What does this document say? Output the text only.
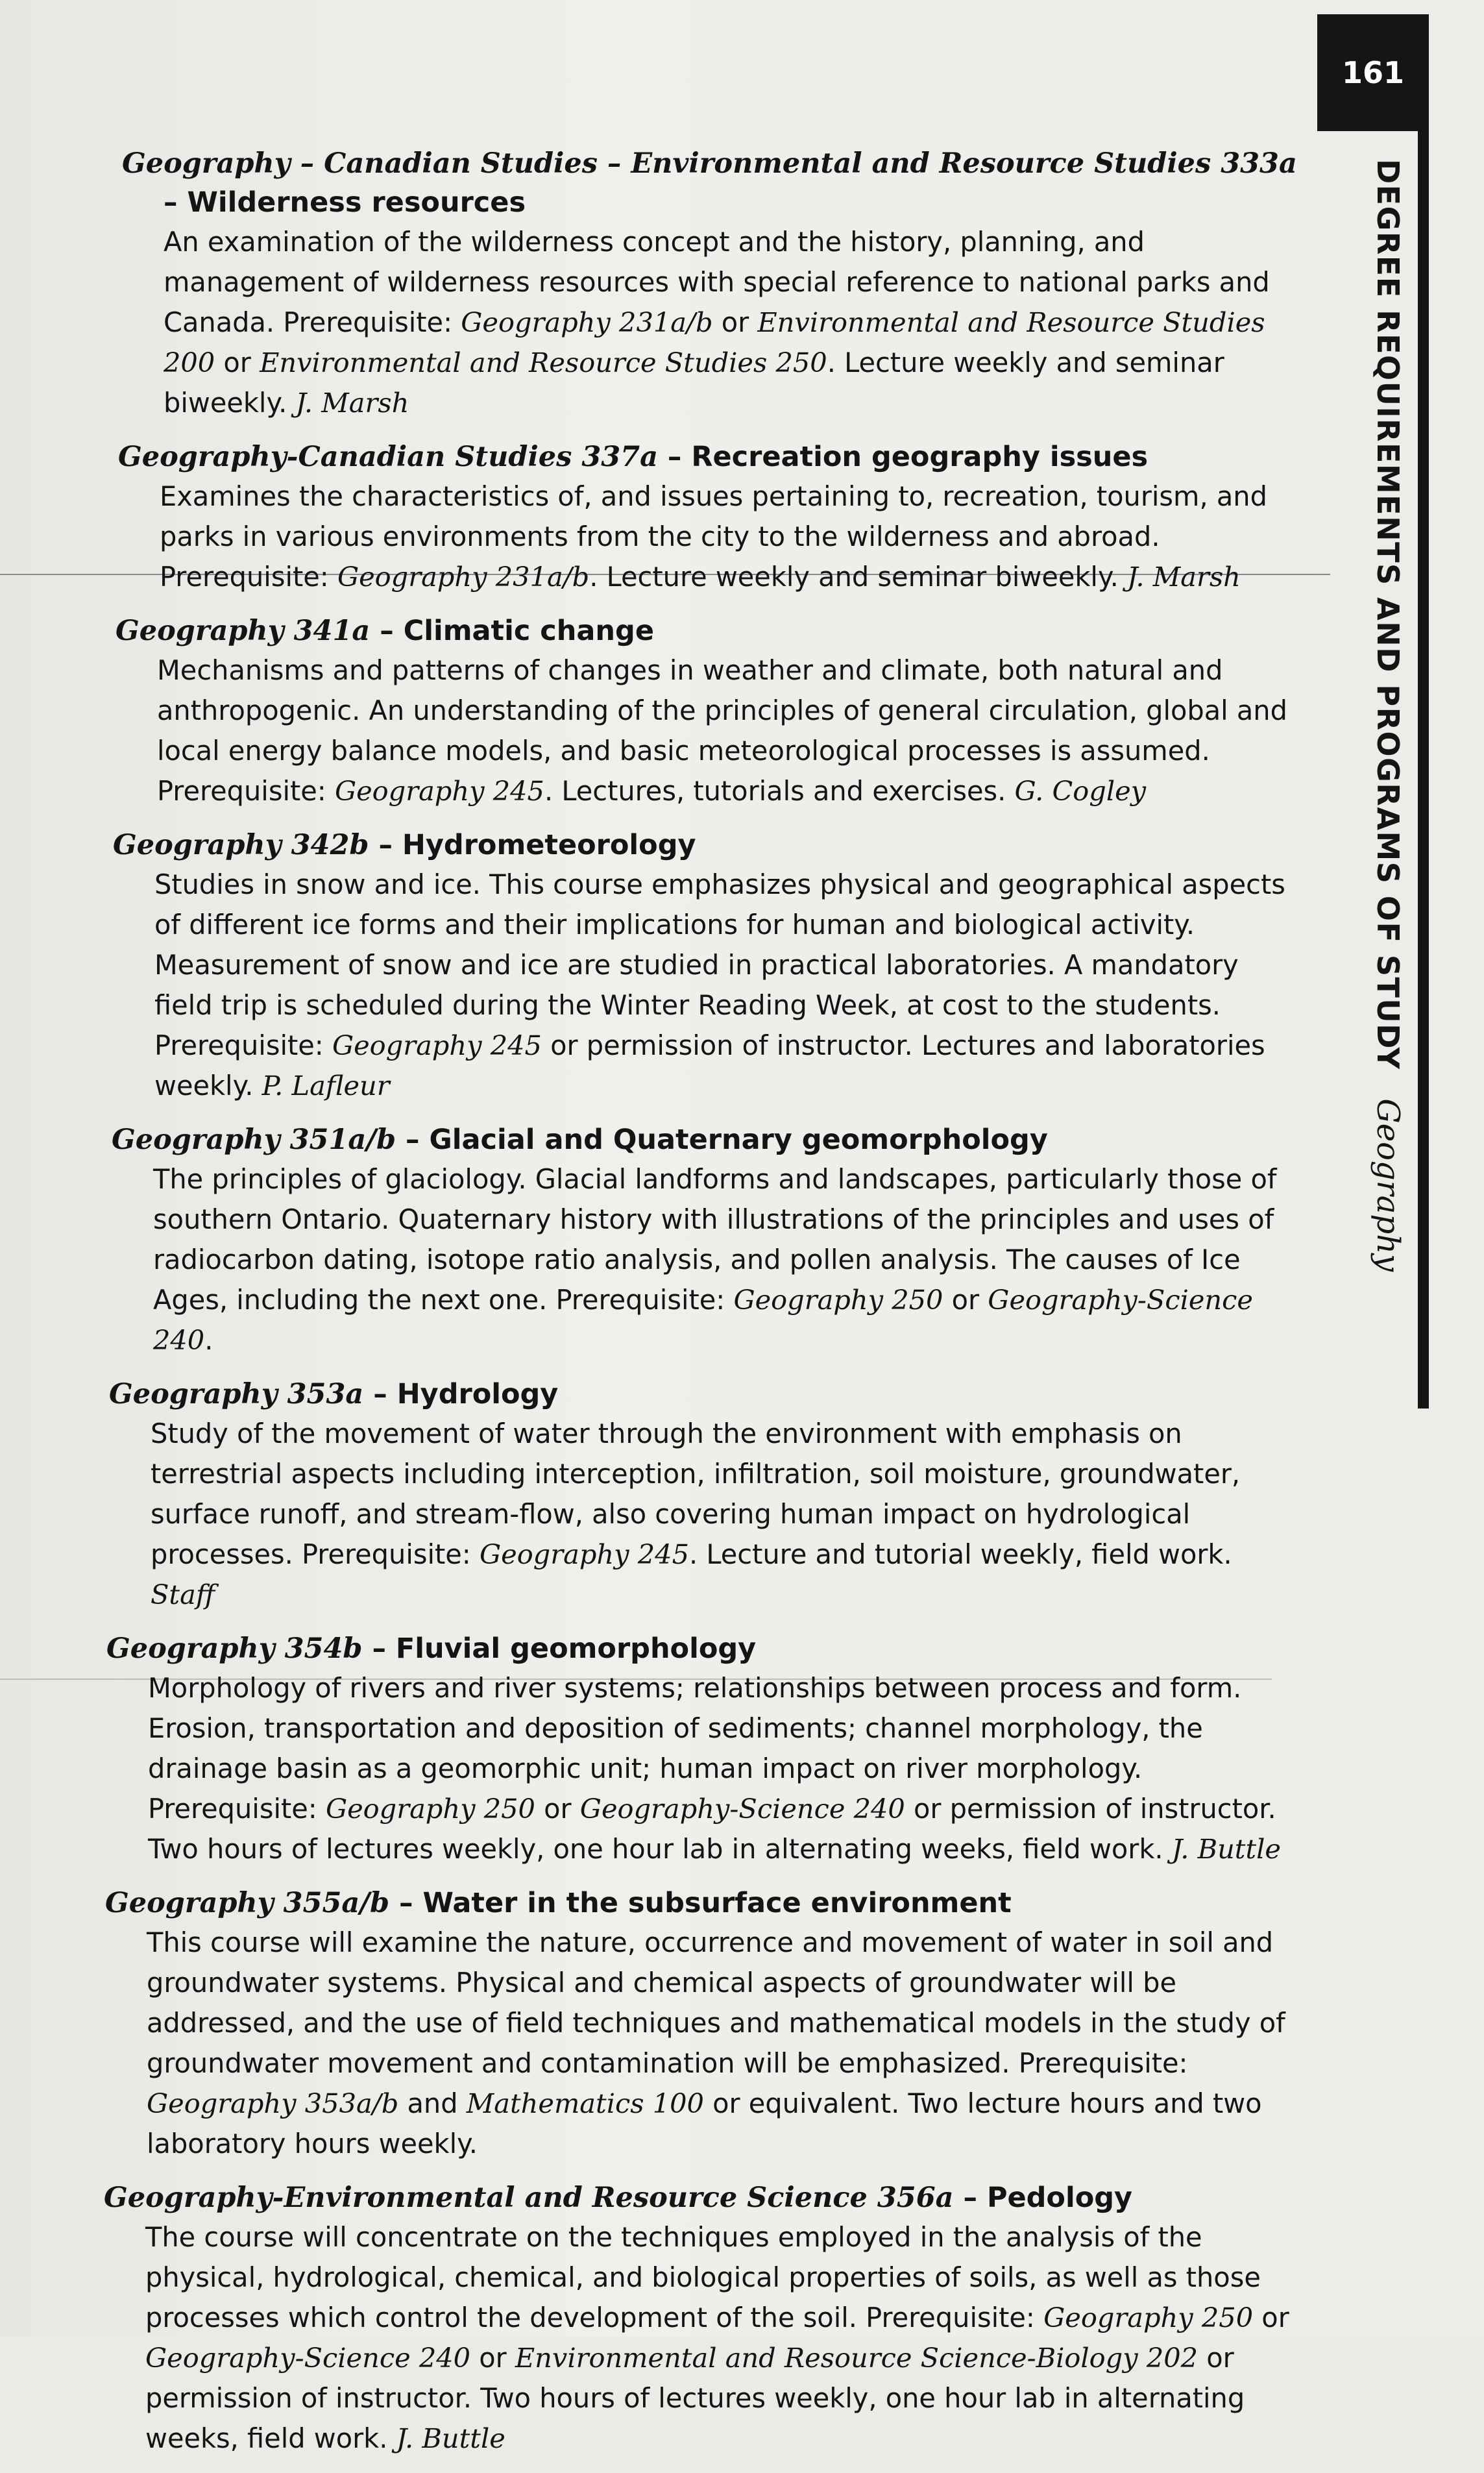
161
DEGREE REQUIREMENTS AND PROGRAMS OF STUDYGeography
Geography – Canadian Studies – Environmental and Resource Studies 333a
– Wilderness resources
An examination of the wilderness concept and the history, planning, and management of wilderness resources with special reference to national parks and Canada. Prerequisite: Geography 231a/b or Environmental and Resource Studies 200 or Environmental and Resource Studies 250. Lecture weekly and seminar biweekly. J. Marsh
Geography-Canadian Studies 337a – Recreation geography issues
Examines the characteristics of, and issues pertaining to, recreation, tourism, and parks in various environments from the city to the wilderness and abroad. Prerequisite: Geography 231a/b. Lecture weekly and seminar biweekly. J. Marsh
Geography 341a – Climatic change
Mechanisms and patterns of changes in weather and climate, both natural and anthropogenic. An understanding of the principles of general circulation, global and local energy balance models, and basic meteorological processes is assumed. Prerequisite: Geography 245. Lectures, tutorials and exercises. G. Cogley
Geography 342b – Hydrometeorology
Studies in snow and ice. This course emphasizes physical and geographical aspects of different ice forms and their implications for human and biological activity. Measurement of snow and ice are studied in practical laboratories. A mandatory field trip is scheduled during the Winter Reading Week, at cost to the students. Prerequisite: Geography 245 or permission of instructor. Lectures and laboratories weekly. P. Lafleur
Geography 351a/b – Glacial and Quaternary geomorphology
The principles of glaciology. Glacial landforms and landscapes, particularly those of southern Ontario. Quaternary history with illustrations of the principles and uses of radiocarbon dating, isotope ratio analysis, and pollen analysis. The causes of Ice Ages, including the next one. Prerequisite: Geography 250 or Geography-Science 240.
Geography 353a – Hydrology
Study of the movement of water through the environment with emphasis on terrestrial aspects including interception, infiltration, soil moisture, groundwater, surface runoff, and stream-flow, also covering human impact on hydrological processes. Prerequisite: Geography 245. Lecture and tutorial weekly, field work. Staff
Geography 354b – Fluvial geomorphology
Morphology of rivers and river systems; relationships between process and form. Erosion, transportation and deposition of sediments; channel morphology, the drainage basin as a geomorphic unit; human impact on river morphology. Prerequisite: Geography 250 or Geography-Science 240 or permission of instructor. Two hours of lectures weekly, one hour lab in alternating weeks, field work. J. Buttle
Geography 355a/b – Water in the subsurface environment
This course will examine the nature, occurrence and movement of water in soil and groundwater systems. Physical and chemical aspects of groundwater will be addressed, and the use of field techniques and mathematical models in the study of groundwater movement and contamination will be emphasized. Prerequisite: Geography 353a/b and Mathematics 100 or equivalent. Two lecture hours and two laboratory hours weekly.
Geography-Environmental and Resource Science 356a – Pedology
The course will concentrate on the techniques employed in the analysis of the physical, hydrological, chemical, and biological properties of soils, as well as those processes which control the development of the soil. Prerequisite: Geography 250 or Geography-Science 240 or Environmental and Resource Science-Biology 202 or permission of instructor. Two hours of lectures weekly, one hour lab in alternating weeks, field work. J. Buttle
